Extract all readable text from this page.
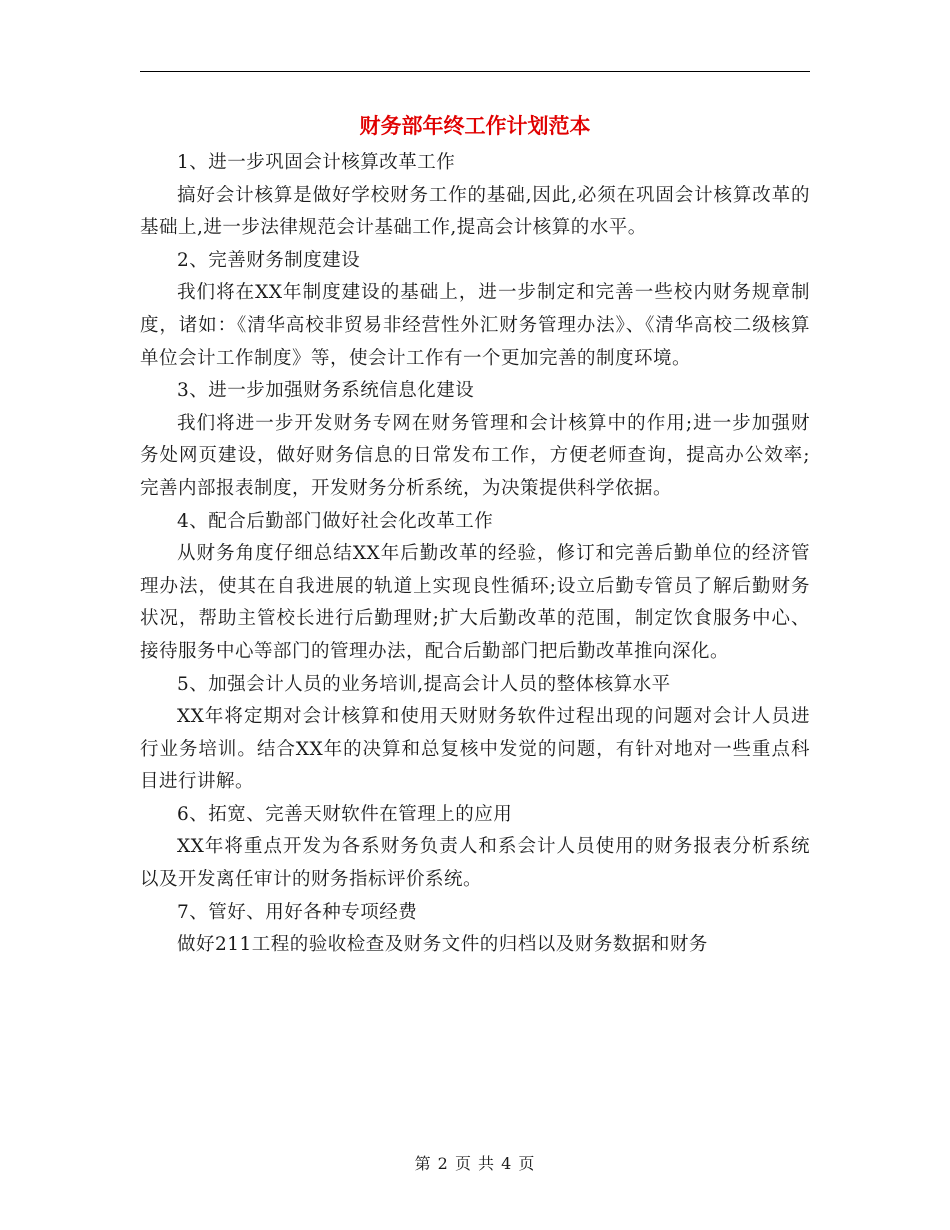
财务部年终工作计划范本

1、进一步巩固会计核算改革工作

搞好会计核算是做好学校财务工作的基础,因此,必须在巩固会计核算改革的基础上,进一步法律规范会计基础工作,提高会计核算的水平。

2、完善财务制度建设

我们将在XX年制度建设的基础上，进一步制定和完善一些校内财务规章制度，诸如：《清华高校非贸易非经营性外汇财务管理办法》、《清华高校二级核算单位会计工作制度》等，使会计工作有一个更加完善的制度环境。

3、进一步加强财务系统信息化建设

我们将进一步开发财务专网在财务管理和会计核算中的作用;进一步加强财务处网页建设，做好财务信息的日常发布工作，方便老师查询，提高办公效率;完善内部报表制度，开发财务分析系统，为决策提供科学依据。

4、配合后勤部门做好社会化改革工作

从财务角度仔细总结XX年后勤改革的经验，修订和完善后勤单位的经济管理办法，使其在自我进展的轨道上实现良性循环;设立后勤专管员了解后勤财务状况，帮助主管校长进行后勤理财;扩大后勤改革的范围，制定饮食服务中心、接待服务中心等部门的管理办法，配合后勤部门把后勤改革推向深化。

5、加强会计人员的业务培训,提高会计人员的整体核算水平

XX年将定期对会计核算和使用天财财务软件过程出现的问题对会计人员进行业务培训。结合XX年的决算和总复核中发觉的问题，有针对地对一些重点科目进行讲解。

6、拓宽、完善天财软件在管理上的应用

XX年将重点开发为各系财务负责人和系会计人员使用的财务报表分析系统以及开发离任审计的财务指标评价系统。

7、管好、用好各种专项经费

做好211工程的验收检查及财务文件的归档以及财务数据和财务

第 2 页 共 4 页
